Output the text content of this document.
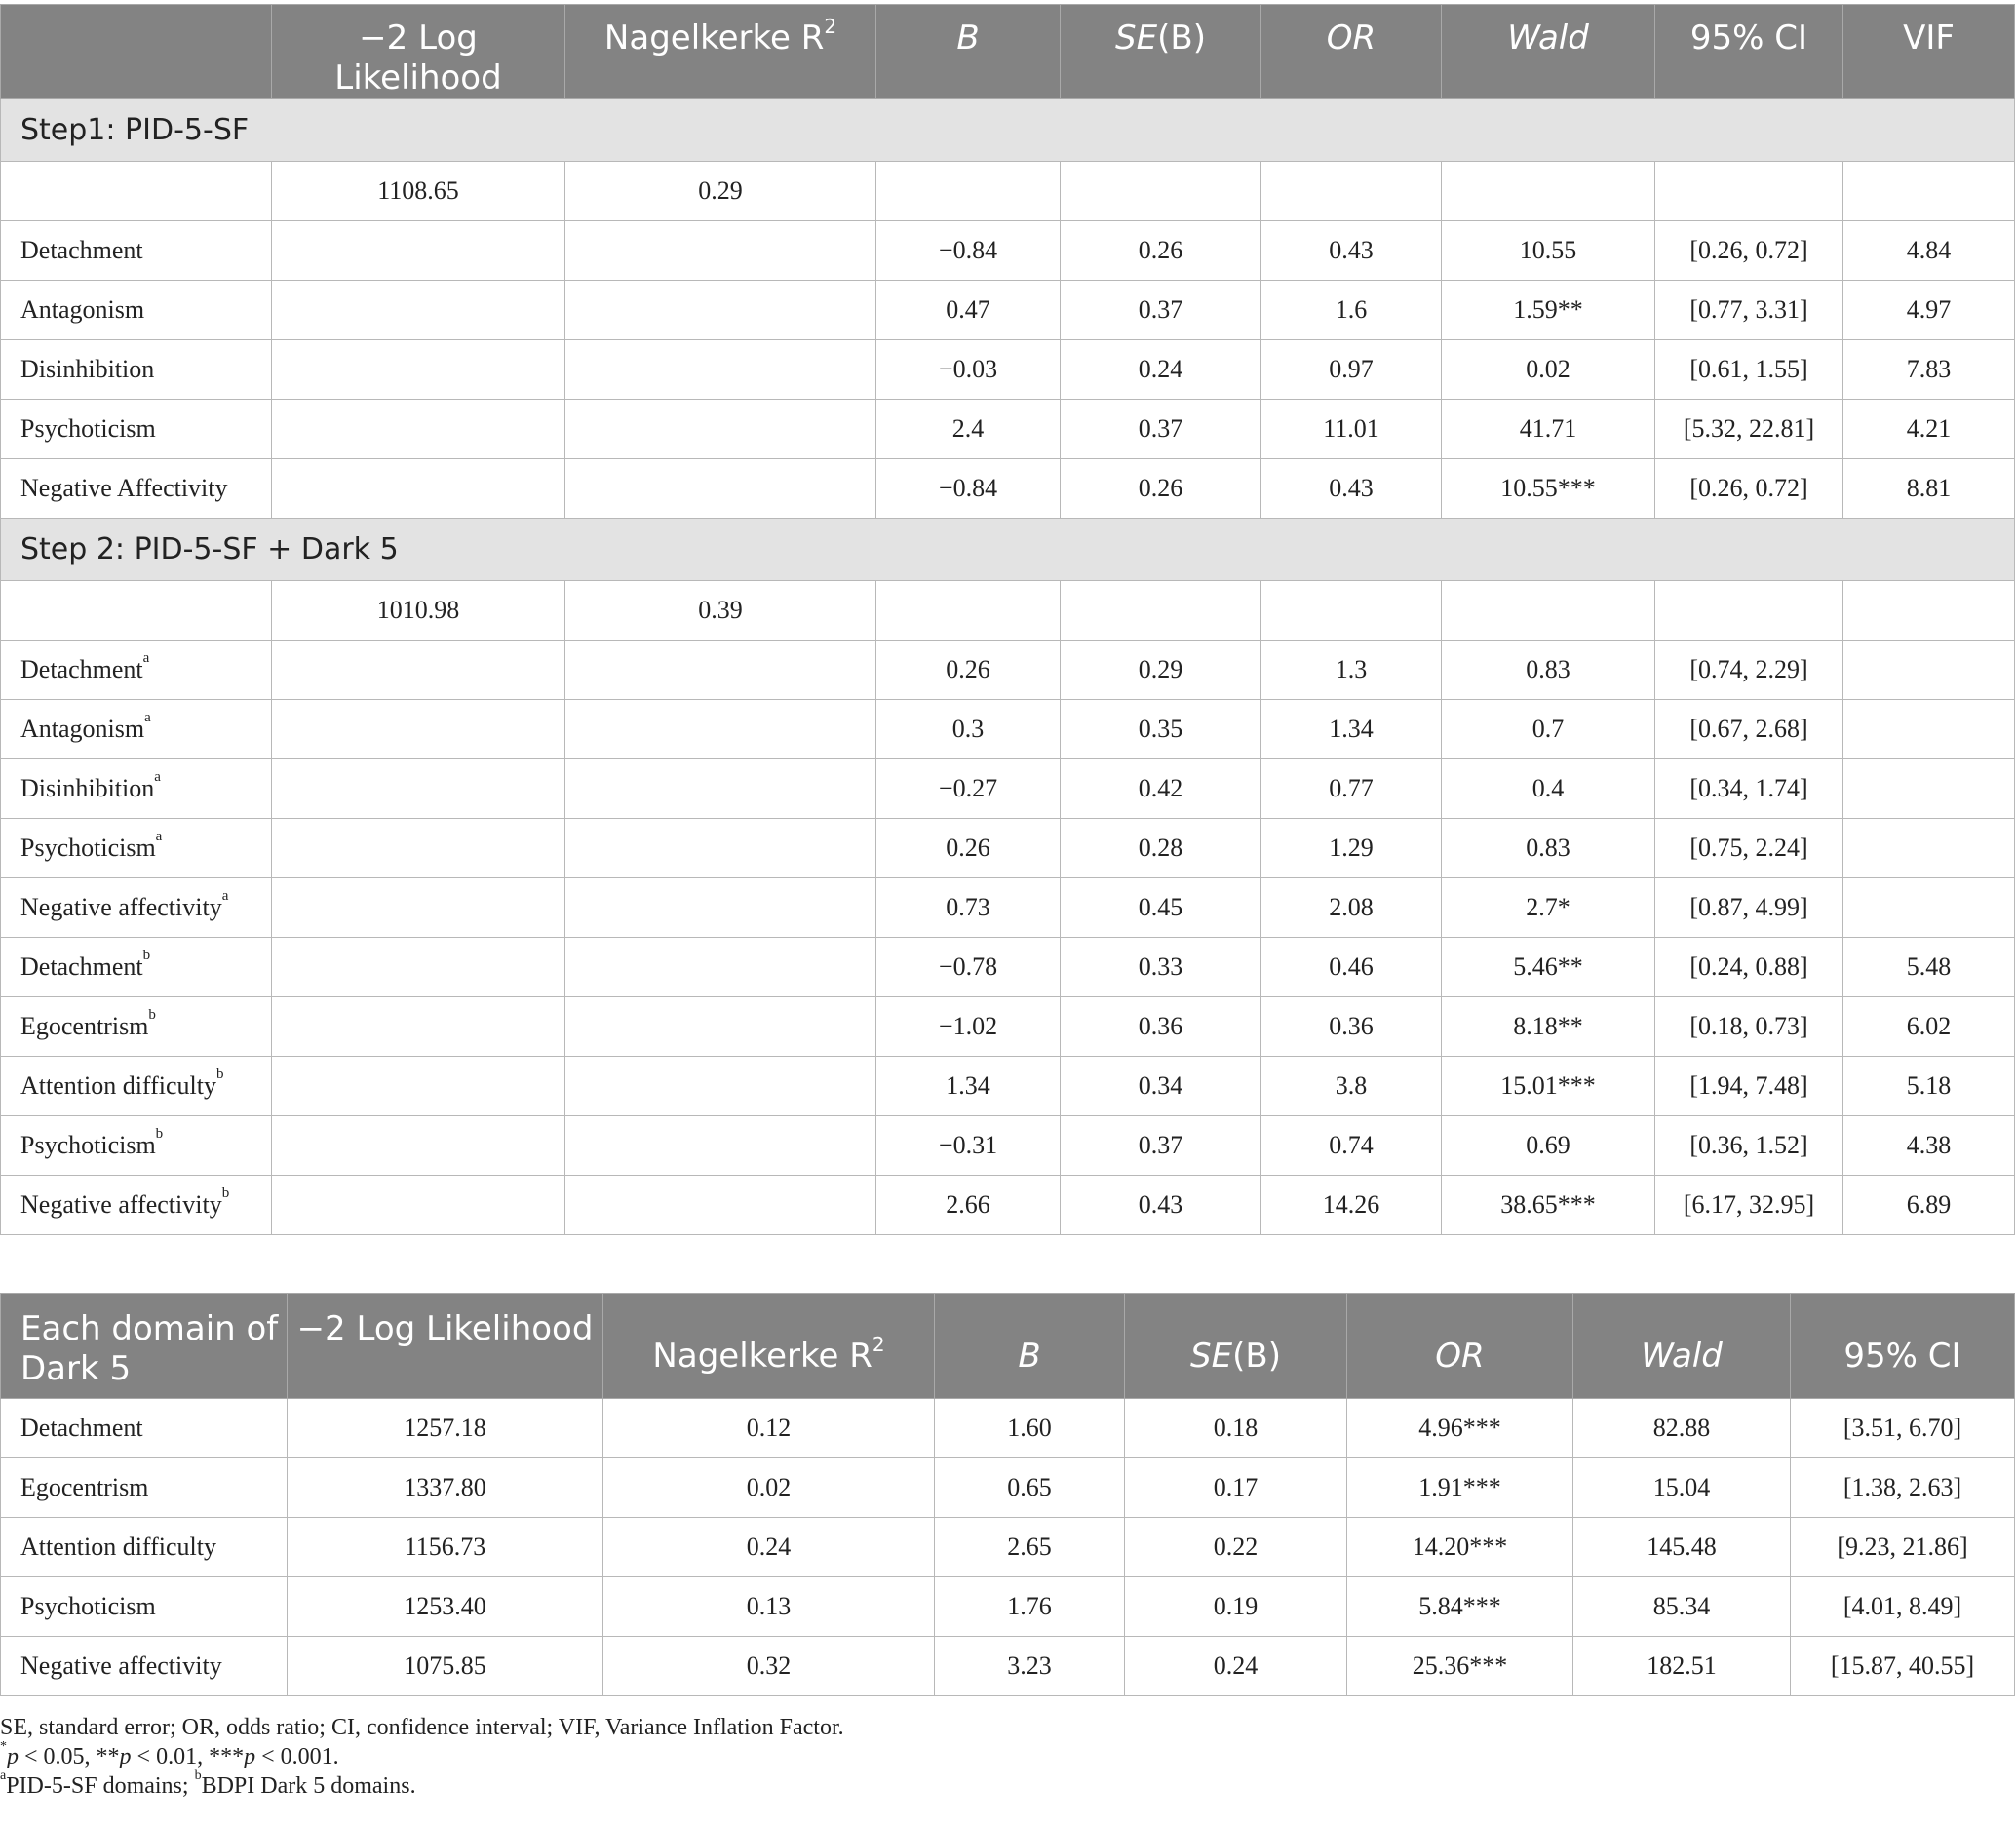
	−2 Log Likelihood	Nagelkerke $R^2$	B	SE(B)	OR	Wald	95% CI	VIF
Step1: PID-5-SF								
	1108.65	0.29						
Detachment			−0.84	0.26	0.43	10.55	[0.26, 0.72]	4.84
Antagonism			0.47	0.37	1.6	1.59**	[0.77, 3.31]	4.97
Disinhibition			−0.03	0.24	0.97	0.02	[0.61, 1.55]	7.83
Psychoticism			2.4	0.37	11.01	41.71	[5.32, 22.81]	4.21
Negative Affectivity			−0.84	0.26	0.43	10.55***	[0.26, 0.72]	8.81
Step 2: PID-5-SF + Dark 5								
	1010.98	0.39						
Detachment$^a$			0.26	0.29	1.3	0.83	[0.74, 2.29]	
Antagonism$^a$			0.3	0.35	1.34	0.7	[0.67, 2.68]	
Disinhibition$^a$			−0.27	0.42	0.77	0.4	[0.34, 1.74]	
Psychoticism$^a$			0.26	0.28	1.29	0.83	[0.75, 2.24]	
Negative affectivity$^a$			0.73	0.45	2.08	2.7*	[0.87, 4.99]	
Detachment$^b$			−0.78	0.33	0.46	5.46**	[0.24, 0.88]	5.48
Egocentrism$^b$			−1.02	0.36	0.36	8.18**	[0.18, 0.73]	6.02
Attention difficulty$^b$			1.34	0.34	3.8	15.01***	[1.94, 7.48]	5.18
Psychoticism$^b$			−0.31	0.37	0.74	0.69	[0.36, 1.52]	4.38
Negative affectivity$^b$			2.66	0.43	14.26	38.65***	[6.17, 32.95]	6.89
Each domain of Dark 5	−2 Log Likelihood	Nagelkerke $R^2$	B	SE(B)	OR	Wald	95% CI
Detachment	1257.18	0.12	1.60	0.18	4.96***	82.88	[3.51, 6.70]
Egocentrism	1337.80	0.02	0.65	0.17	1.91***	15.04	[1.38, 2.63]
Attention difficulty	1156.73	0.24	2.65	0.22	14.20***	145.48	[9.23, 21.86]
Psychoticism	1253.40	0.13	1.76	0.19	5.84***	85.34	[4.01, 8.49]
Negative affectivity	1075.85	0.32	3.23	0.24	25.36***	182.51	[15.87, 40.55]
SE, standard error; OR, odds ratio; CI, confidence interval; VIF, Variance Inflation Factor.
*p < 0.05, **p < 0.01, ***p < 0.001.
$^a$PID-5-SF domains; $^b$BDPI Dark 5 domains.
